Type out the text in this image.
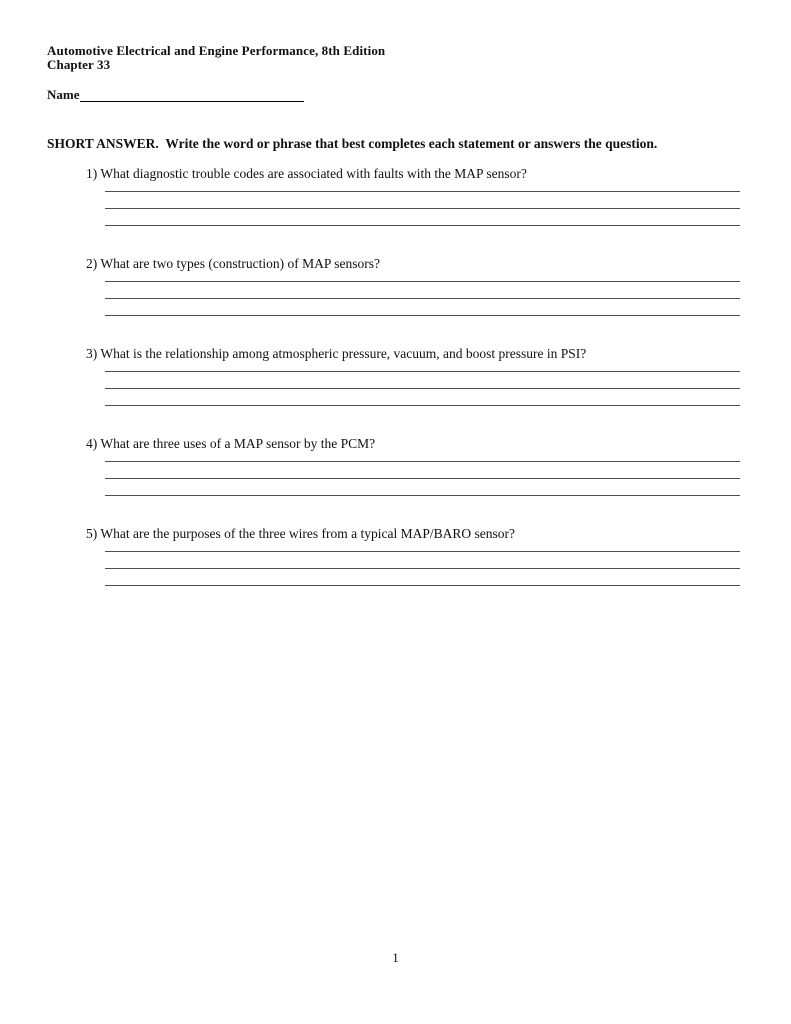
Automotive Electrical and Engine Performance, 8th Edition
Chapter 33
Name
SHORT ANSWER.  Write the word or phrase that best completes each statement or answers the question.
1) What diagnostic trouble codes are associated with faults with the MAP sensor?
2) What are two types (construction) of MAP sensors?
3) What is the relationship among atmospheric pressure, vacuum, and boost pressure in PSI?
4) What are three uses of a MAP sensor by the PCM?
5) What are the purposes of the three wires from a typical MAP/BARO sensor?
1
